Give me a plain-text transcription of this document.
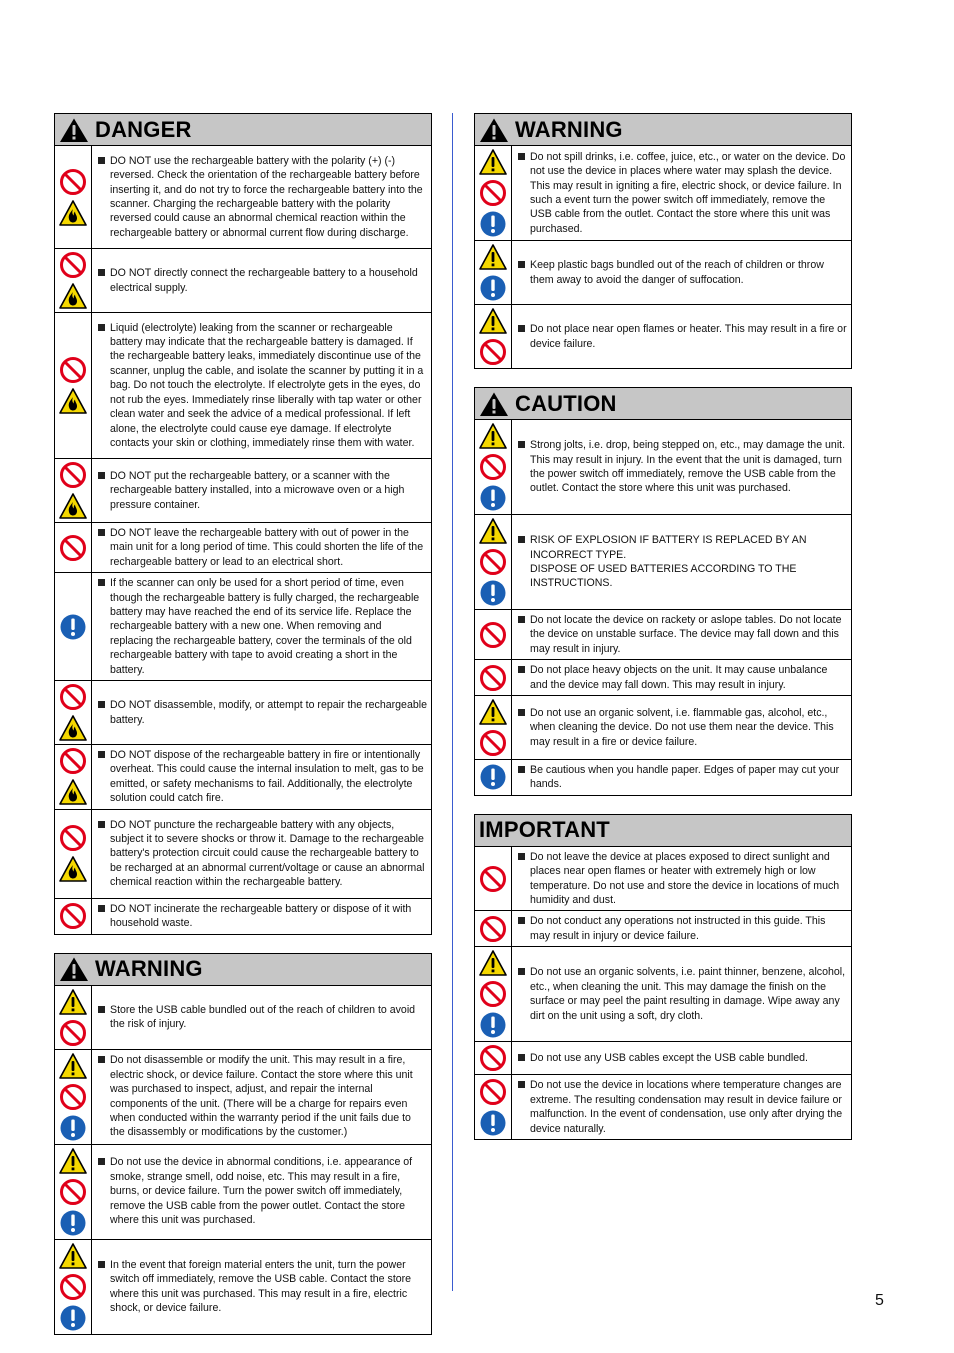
DANGER
DO NOT use the rechargeable battery with the polarity (+) (-) reversed. Check the orientation of the rechargeable battery before inserting it, and do not try to force the rechargeable battery into the scanner. Charging the rechargeable battery with the polarity reversed could cause an abnormal chemical reaction within the rechargeable battery or abnormal current flow during discharge.
DO NOT directly connect the rechargeable battery to a household electrical supply.
Liquid (electrolyte) leaking from the scanner or rechargeable battery may indicate that the rechargeable battery is damaged. If the rechargeable battery leaks, immediately discontinue use of the scanner, unplug the cable, and isolate the scanner by putting it in a bag. Do not touch the electrolyte. If electrolyte gets in the eyes, do not rub the eyes. Immediately rinse liberally with tap water or other clean water and seek the advice of a medical professional. If left alone, the electrolyte could cause eye damage. If electrolyte contacts your skin or clothing, immediately rinse them with water.
DO NOT put the rechargeable battery, or a scanner with the rechargeable battery installed, into a microwave oven or a high pressure container.
DO NOT leave the rechargeable battery with out of power in the main unit for a long period of time. This could shorten the life of the rechargeable battery or lead to an electrical short.
If the scanner can only be used for a short period of time, even though the rechargeable battery is fully charged, the rechargeable battery may have reached the end of its service life. Replace the rechargeable battery with a new one. When removing and replacing the rechargeable battery, cover the terminals of the old rechargeable battery with tape to avoid creating a short in the battery.
DO NOT disassemble, modify, or attempt to repair the rechargeable battery.
DO NOT dispose of the rechargeable battery in fire or intentionally overheat. This could cause the internal insulation to melt, gas to be emitted, or safety mechanisms to fail. Additionally, the electrolyte solution could catch fire.
DO NOT puncture the rechargeable battery with any objects, subject it to severe shocks or throw it. Damage to the rechargeable battery's protection circuit could cause the rechargeable battery to be recharged at an abnormal current/voltage or cause an abnormal chemical reaction within the rechargeable battery.
DO NOT incinerate the rechargeable battery or dispose of it with household waste.
WARNING
Store the USB cable bundled out of the reach of children to avoid the risk of injury.
Do not disassemble or modify the unit. This may result in a fire, electric shock, or device failure. Contact the store where this unit was purchased to inspect, adjust, and repair the internal components of the unit. (There will be a charge for repairs even when conducted within the warranty period if the unit fails due to the disassembly or modifications by the customer.)
Do not use the device in abnormal conditions, i.e. appearance of smoke, strange smell, odd noise, etc. This may result in a fire, burns, or device failure. Turn the power switch off immediately, remove the USB cable from the power outlet. Contact the store where this unit was purchased.
In the event that foreign material enters the unit, turn the power switch off immediately, remove the USB cable. Contact the store where this unit was purchased. This may result in a fire, electric shock, or device failure.
WARNING
Do not spill drinks, i.e. coffee, juice, etc., or water on the device. Do not use the device in places where water may splash the device. This may result in igniting a fire, electric shock, or device failure. In such a event turn the power switch off immediately, remove the USB cable from the outlet. Contact the store where this unit was purchased.
Keep plastic bags bundled out of the reach of children or throw them away to avoid the danger of suffocation.
Do not place near open flames or heater. This may result in a fire or device failure.
CAUTION
Strong jolts, i.e. drop, being stepped on, etc., may damage the unit. This may result in injury. In the event that the unit is damaged, turn the power switch off immediately, remove the USB cable from the outlet. Contact the store where this unit was purchased.
RISK OF EXPLOSION IF BATTERY IS REPLACED BY AN INCORRECT TYPE.
DISPOSE OF USED BATTERIES ACCORDING TO THE INSTRUCTIONS.
Do not locate the device on rackety or aslope tables. Do not locate the device on unstable surface. The device may fall down and this may result in injury.
Do not place heavy objects on the unit. It may cause unbalance and the device may fall down. This may result in injury.
Do not use an organic solvent, i.e. flammable gas, alcohol, etc., when cleaning the device. Do not use them near the device. This may result in a fire or device failure.
Be cautious when you handle paper. Edges of paper may cut your hands.
IMPORTANT
Do not leave the device at places exposed to direct sunlight and places near open flames or heater with extremely high or low temperature. Do not use and store the device in locations of much humidity and dust.
Do not conduct any operations not instructed in this guide. This may result in injury or device failure.
Do not use an organic solvents, i.e. paint thinner, benzene, alcohol, etc., when cleaning the unit. This may damage the finish on the surface or may peel the paint resulting in damage. Wipe away any dirt on the unit using a soft, dry cloth.
Do not use any USB cables except the USB cable bundled.
Do not use the device in locations where temperature changes are extreme. The resulting condensation may result in device failure or malfunction. In the event of condensation, use only after drying the device naturally.
5
